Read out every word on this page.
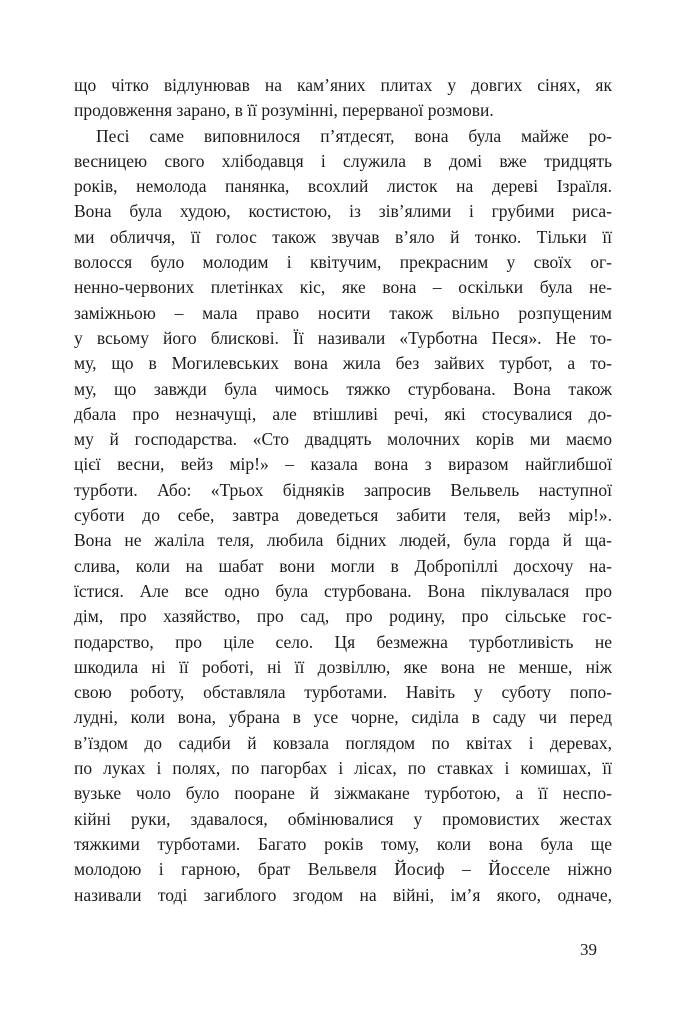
що чітко відлунював на кам’яних плитах у довгих сінях, як
продовження зарано, в її розумінні, перерваної розмови.
Песі саме виповнилося п’ятдесят, вона була майже ро-
весницею свого хлібодавця і служила в домі вже тридцять
років, немолода панянка, всохлий листок на дереві Ізраїля.
Вона була худою, костистою, із зів’ялими і грубими риса-
ми обличчя, її голос також звучав в’яло й тонко. Тільки її
волосся було молодим і квітучим, прекрасним у своїх ог-
ненно-червоних плетінках кіс, яке вона – оскільки була не-
заміжньою – мала право носити також вільно розпущеним
у всьому його блискові. Її називали «Турботна Песя». Не то-
му, що в Могилевських вона жила без зайвих турбот, а то-
му, що завжди була чимось тяжко стурбована. Вона також
дбала про незначущі, але втішливі речі, які стосувалися до-
му й господарства. «Сто двадцять молочних корів ми маємо
цієї весни, вейз мір!» – казала вона з виразом найглибшої
турботи. Або: «Трьох бідняків запросив Вельвель наступної
суботи до себе, завтра доведеться забити теля, вейз мір!».
Вона не жаліла теля, любила бідних людей, була горда й ща-
слива, коли на шабат вони могли в Добропіллі досхочу на-
їстися. Але все одно була стурбована. Вона піклувалася про
дім, про хазяйство, про сад, про родину, про сільське гос-
подарство, про ціле село. Ця безмежна турботливість не
шкодила ні її роботі, ні її дозвіллю, яке вона не менше, ніж
свою роботу, обставляла турботами. Навіть у суботу попо-
лудні, коли вона, убрана в усе чорне, сиділа в саду чи перед
в’їздом до садиби й ковзала поглядом по квітах і деревах,
по луках і полях, по пагорбах і лісах, по ставках і комишах, її
вузьке чоло було пооране й зіжмакане турботою, а її неспо-
кійні руки, здавалося, обмінювалися у промовистих жестах
тяжкими турботами. Багато років тому, коли вона була ще
молодою і гарною, брат Вельвеля Йосиф – Йосселе ніжно
називали тоді загиблого згодом на війні, ім’я якого, одначе,
39
